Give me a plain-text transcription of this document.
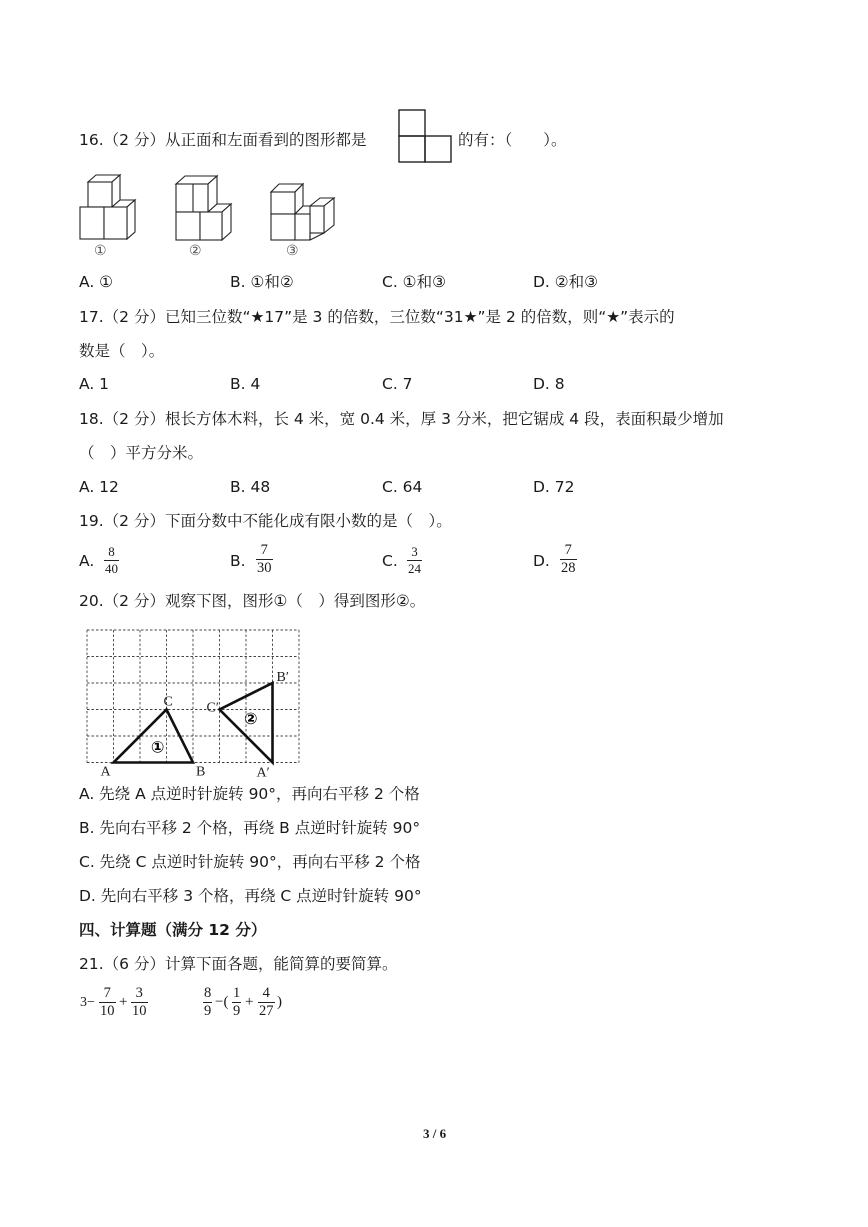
16.（2 分）从正面和左面看到的图形都是	的有：（　　）。
①	②	③
A. ①	B. ①和②	C. ①和③	D. ②和③
17.（2 分）已知三位数“★17”是 3 的倍数，三位数“31★”是 2 的倍数，则“★”表示的
数是（　）。
A. 1	B. 4	C. 7	D. 8
18.（2 分）根长方体木料，长 4 米，宽 0.4 米，厚 3 分米，把它锯成 4 段，表面积最少增加
（　）平方分米。
A. 12	B. 48	C. 64	D. 72
19.（2 分）下面分数中不能化成有限小数的是（　）。
A. $\frac{8}{40}$	B. $\frac{7}{30}$	C. $\frac{3}{24}$	D. $\frac{7}{28}$
20.（2 分）观察下图，图形①（　）得到图形②。
①
②
A	B
C
A′
B′
C′
A. 先绕 A 点逆时针旋转 90°，再向右平移 2 个格
B. 先向右平移 2 个格，再绕 B 点逆时针旋转 90°
C. 先绕 C 点逆时针旋转 90°，再向右平移 2 个格
D. 先向右平移 3 个格，再绕 C 点逆时针旋转 90°
四、计算题（满分 12 分）
21.（6 分）计算下面各题，能简算的要简算。
$3- \frac{7}{10} + \frac{3}{10}$	$\frac{8}{9}$ −( $\frac{1}{9} + \frac{4}{27}$ )
3 / 6
